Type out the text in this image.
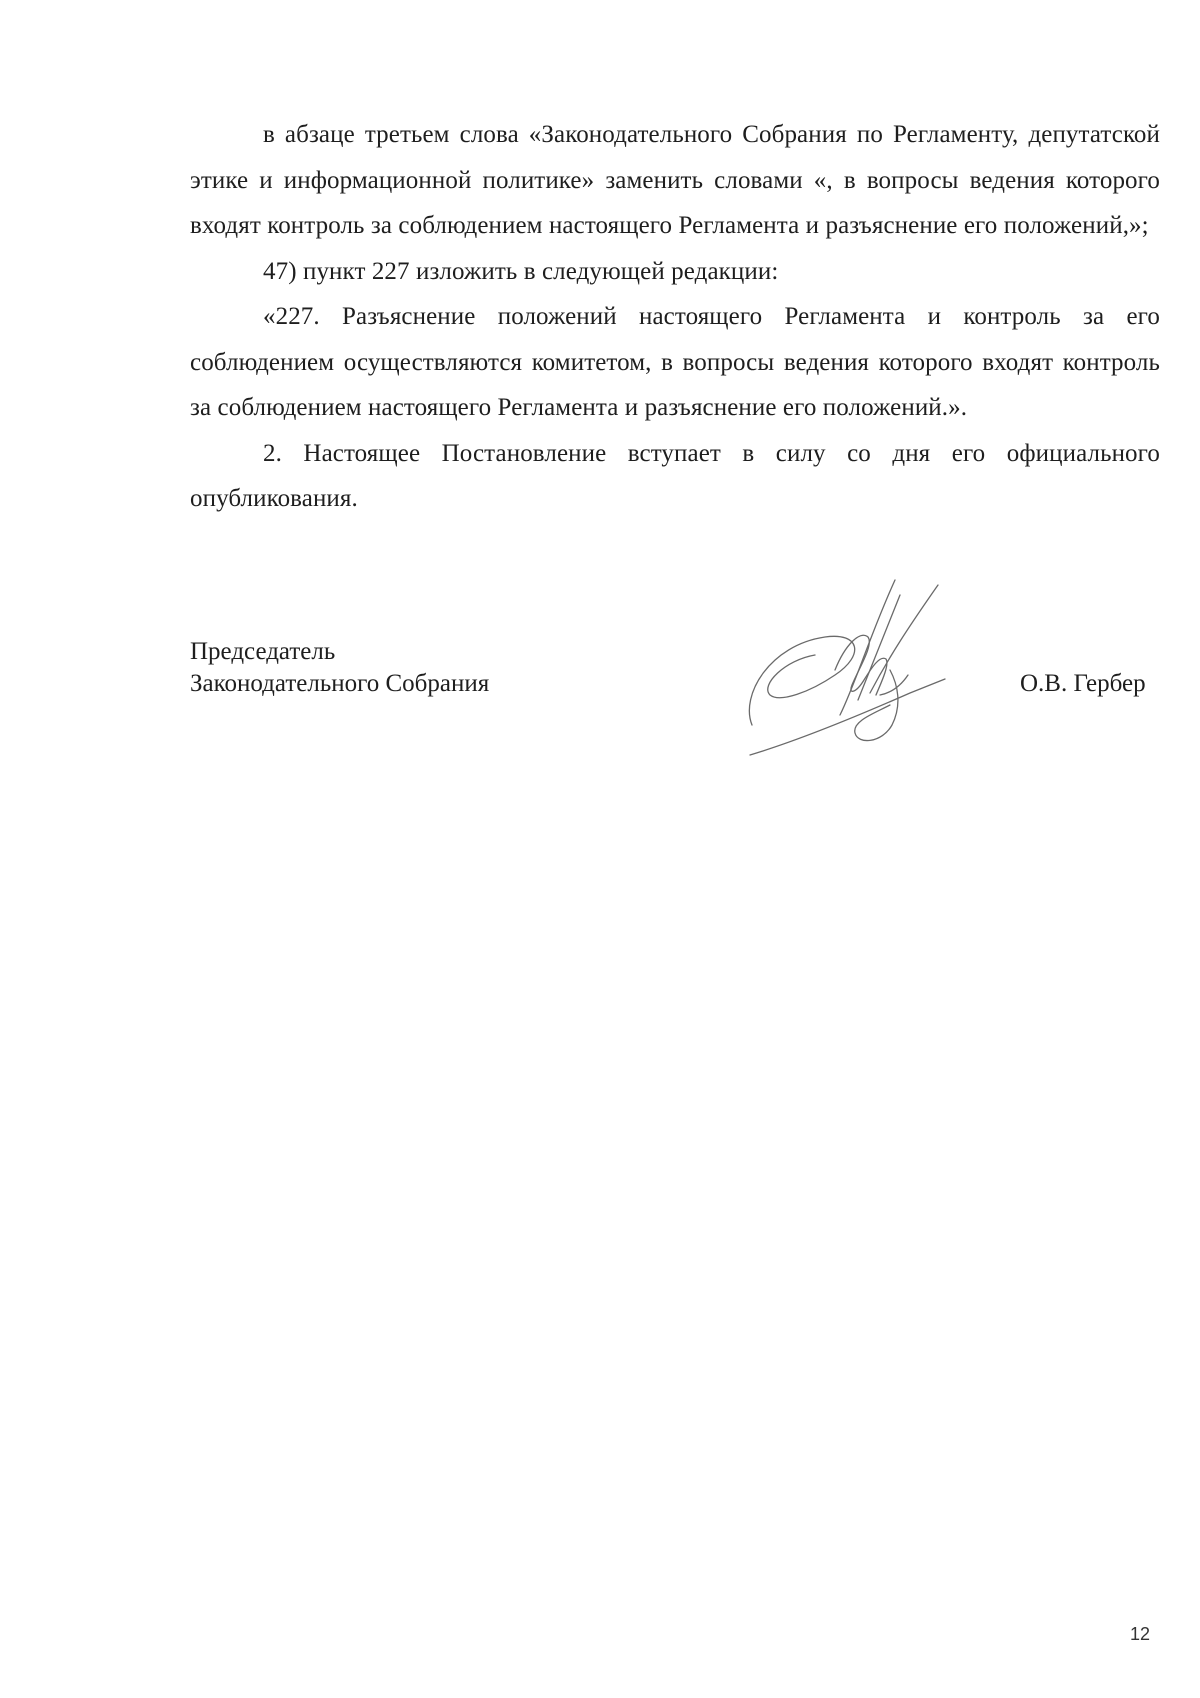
в абзаце третьем слова «Законодательного Собрания по Регламенту, депутатской этике и информационной политике» заменить словами «, в вопросы ведения которого входят контроль за соблюдением настоящего Регламента и разъяснение его положений,»;

47) пункт 227 изложить в следующей редакции:

«227. Разъяснение положений настоящего Регламента и контроль за его соблюдением осуществляются комитетом, в вопросы ведения которого входят контроль за соблюдением настоящего Регламента и разъяснение его положений.».

2. Настоящее Постановление вступает в силу со дня его официального опубликования.

Председатель
Законодательного Собрания	О.В. Гербер
12
